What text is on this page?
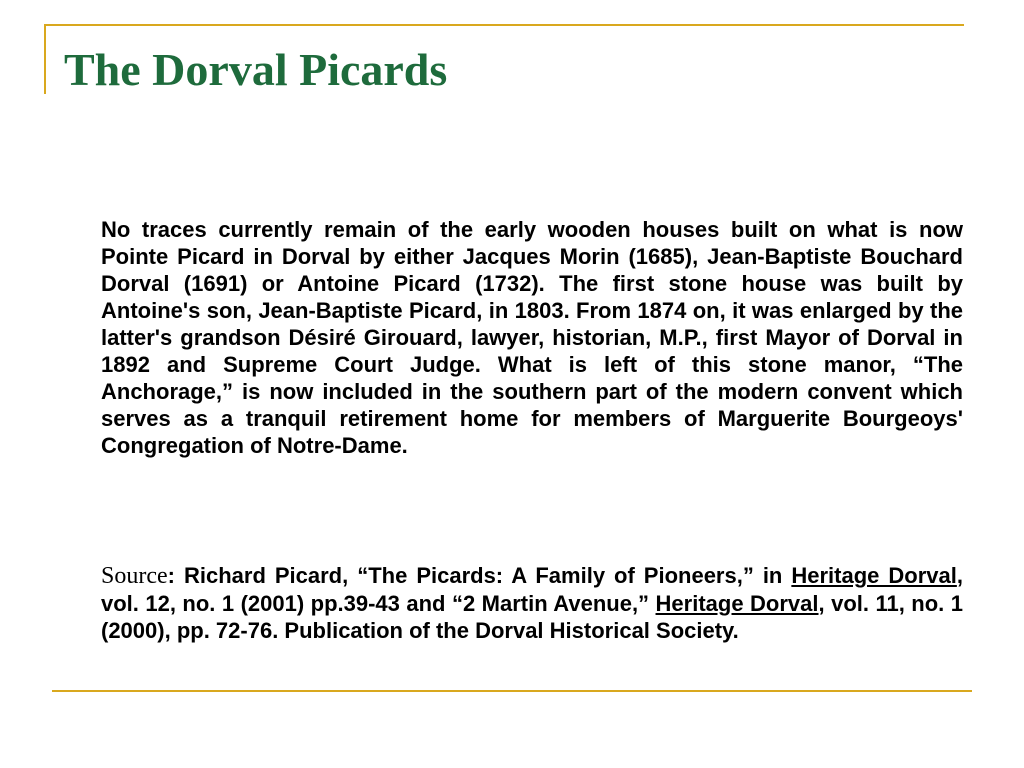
The Dorval Picards
No traces currently remain of the early wooden houses built on what is now Pointe Picard in Dorval by either Jacques Morin (1685), Jean-Baptiste Bouchard Dorval (1691) or Antoine Picard (1732). The first stone house was built by Antoine's son, Jean-Baptiste Picard, in 1803. From 1874 on, it was enlarged by the latter's grandson Désiré Girouard, lawyer, historian, M.P., first Mayor of Dorval in 1892 and Supreme Court Judge. What is left of this stone manor, “The Anchorage,” is now included in the southern part of the modern convent which serves as a tranquil retirement home for members of Marguerite Bourgeoys' Congregation of Notre-Dame.
Source: Richard Picard, “The Picards: A Family of Pioneers,” in Heritage Dorval, vol. 12, no. 1 (2001) pp.39-43 and “2 Martin Avenue,” Heritage Dorval, vol. 11, no. 1 (2000), pp. 72-76. Publication of the Dorval Historical Society.
